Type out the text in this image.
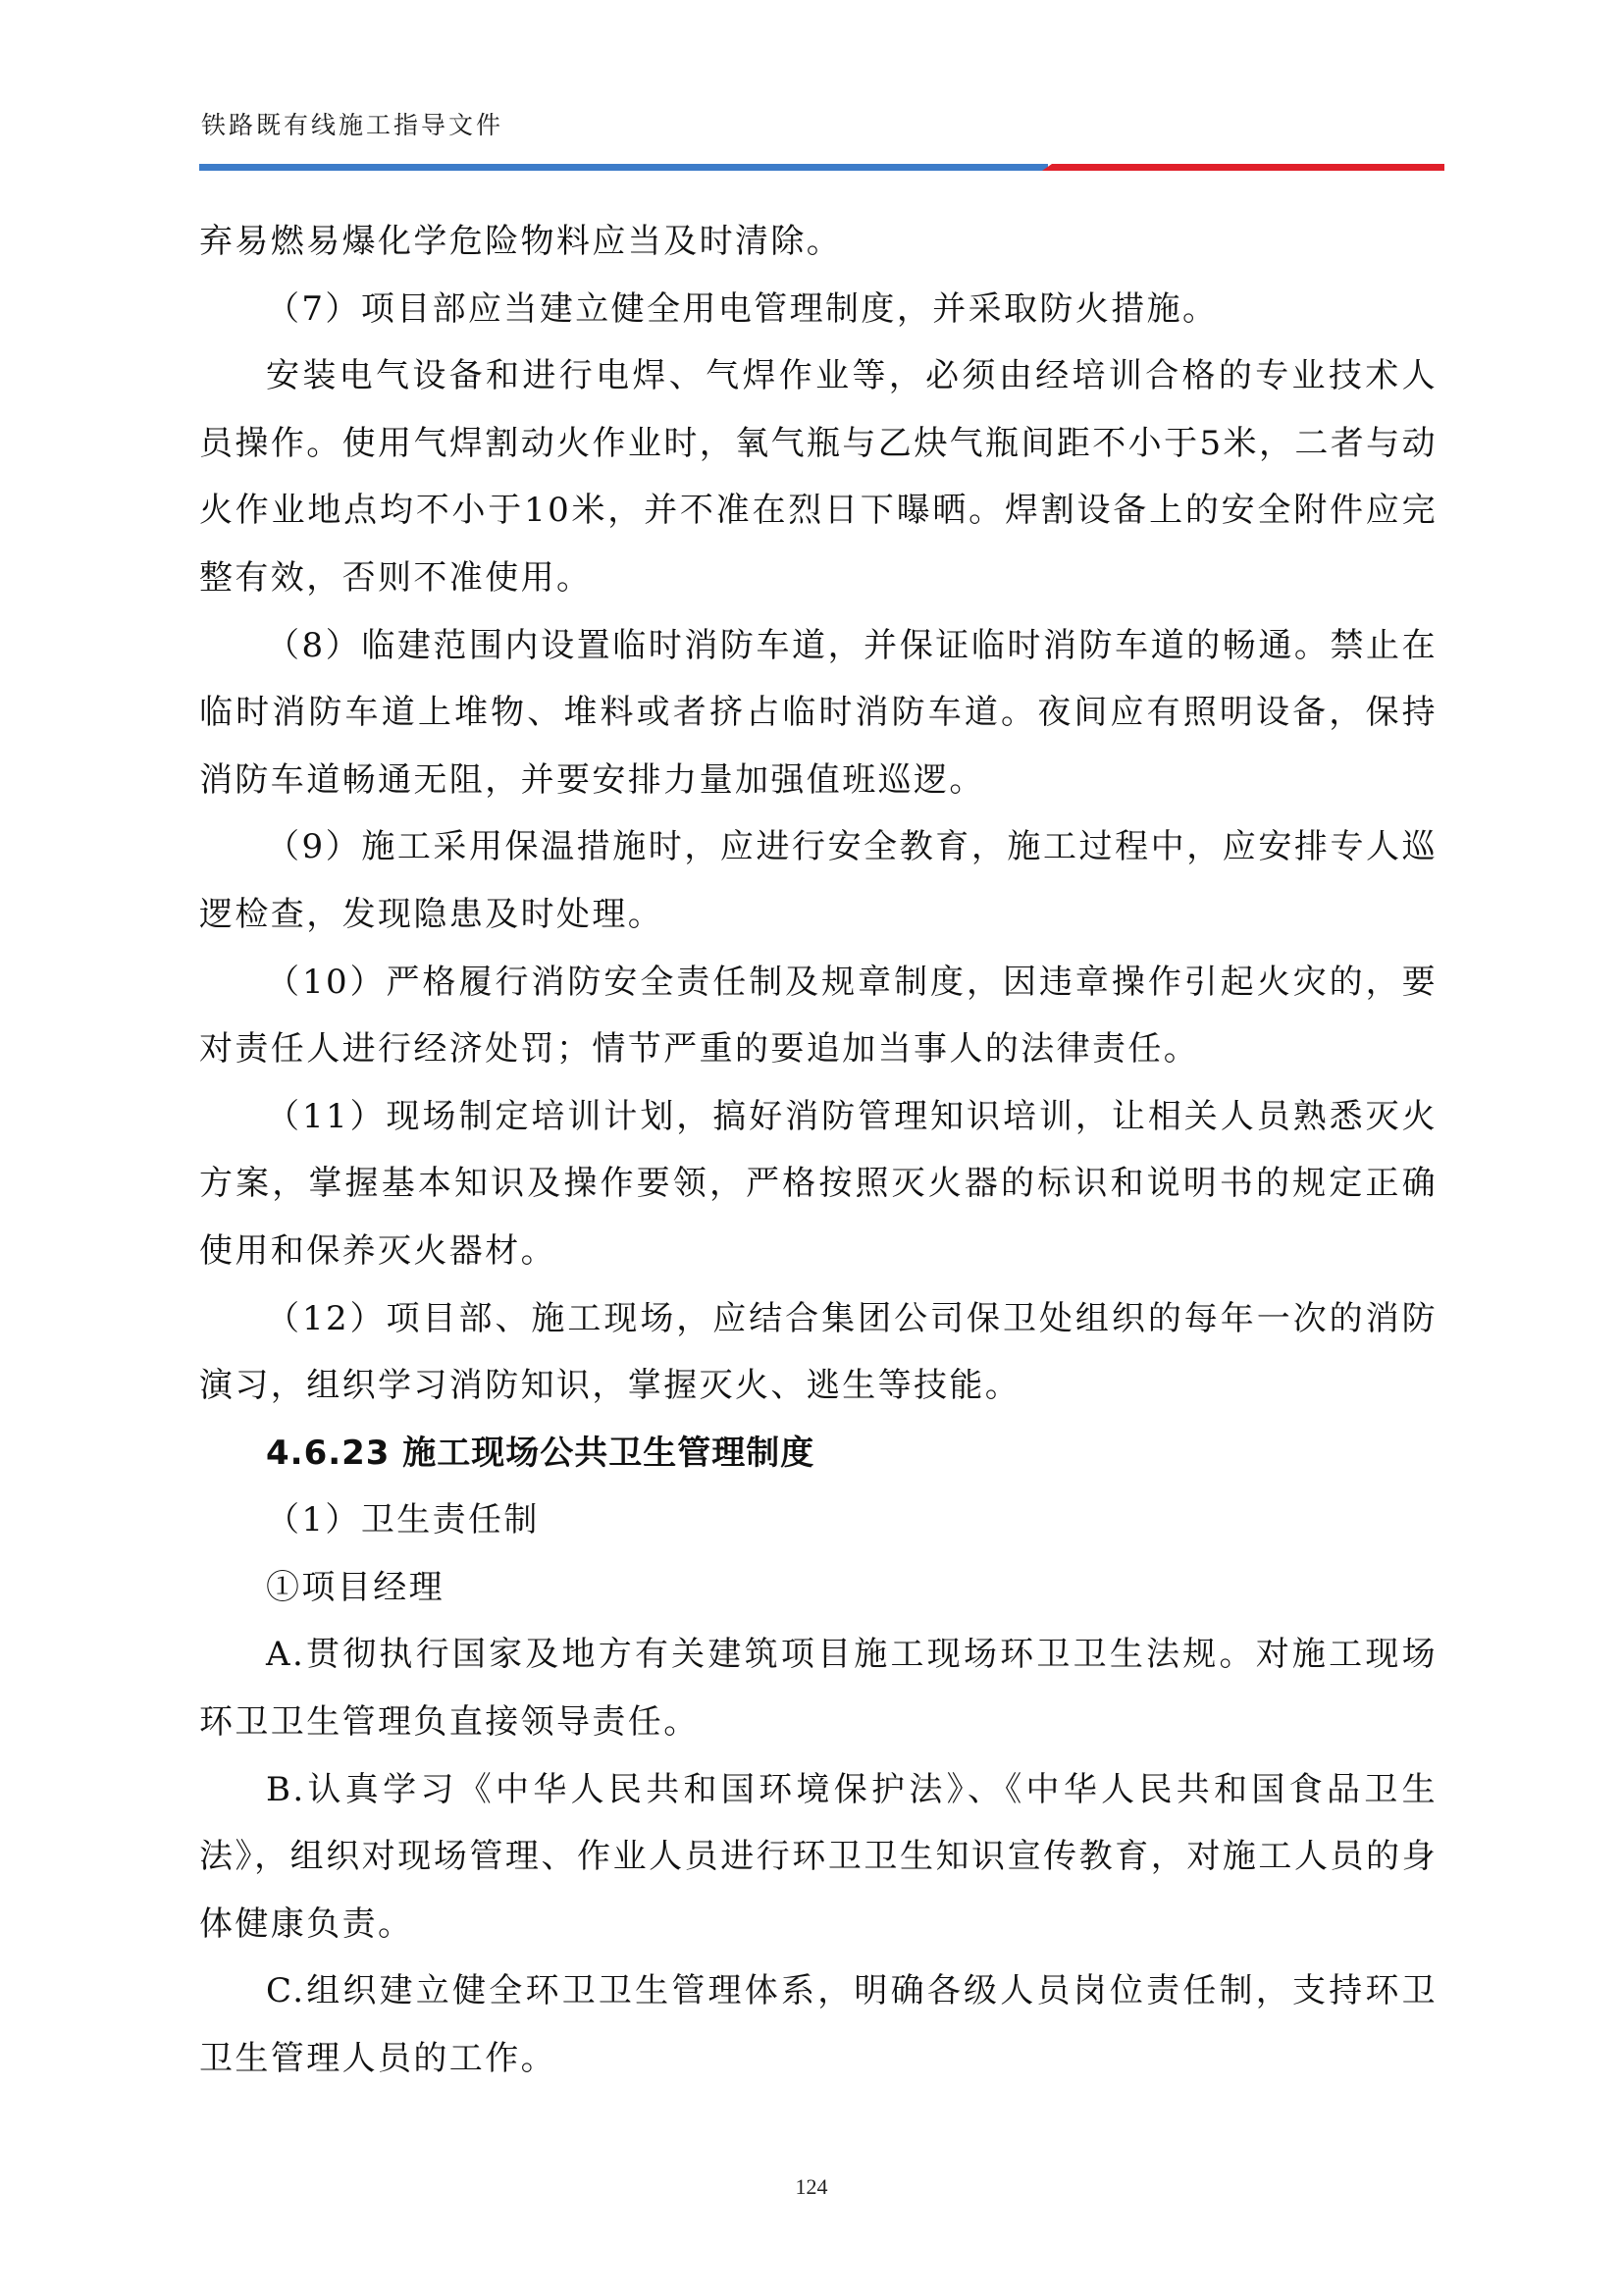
铁路既有线施工指导文件

弃易燃易爆化学危险物料应当及时清除。

（7）项目部应当建立健全用电管理制度，并采取防火措施。

安装电气设备和进行电焊、气焊作业等，必须由经培训合格的专业技术人员操作。使用气焊割动火作业时，氧气瓶与乙炔气瓶间距不小于5米，二者与动火作业地点均不小于10米，并不准在烈日下曝晒。焊割设备上的安全附件应完整有效，否则不准使用。

（8）临建范围内设置临时消防车道，并保证临时消防车道的畅通。禁止在临时消防车道上堆物、堆料或者挤占临时消防车道。夜间应有照明设备，保持消防车道畅通无阻，并要安排力量加强值班巡逻。

（9）施工采用保温措施时，应进行安全教育，施工过程中，应安排专人巡逻检查，发现隐患及时处理。

（10）严格履行消防安全责任制及规章制度，因违章操作引起火灾的，要对责任人进行经济处罚；情节严重的要追加当事人的法律责任。

（11）现场制定培训计划，搞好消防管理知识培训，让相关人员熟悉灭火方案，掌握基本知识及操作要领，严格按照灭火器的标识和说明书的规定正确使用和保养灭火器材。

（12）项目部、施工现场，应结合集团公司保卫处组织的每年一次的消防演习，组织学习消防知识，掌握灭火、逃生等技能。

4.6.23 施工现场公共卫生管理制度

（1）卫生责任制

①项目经理

A.贯彻执行国家及地方有关建筑项目施工现场环卫卫生法规。对施工现场环卫卫生管理负直接领导责任。

B.认真学习《中华人民共和国环境保护法》、《中华人民共和国食品卫生法》，组织对现场管理、作业人员进行环卫卫生知识宣传教育，对施工人员的身体健康负责。

C.组织建立健全环卫卫生管理体系，明确各级人员岗位责任制，支持环卫卫生管理人员的工作。

124
